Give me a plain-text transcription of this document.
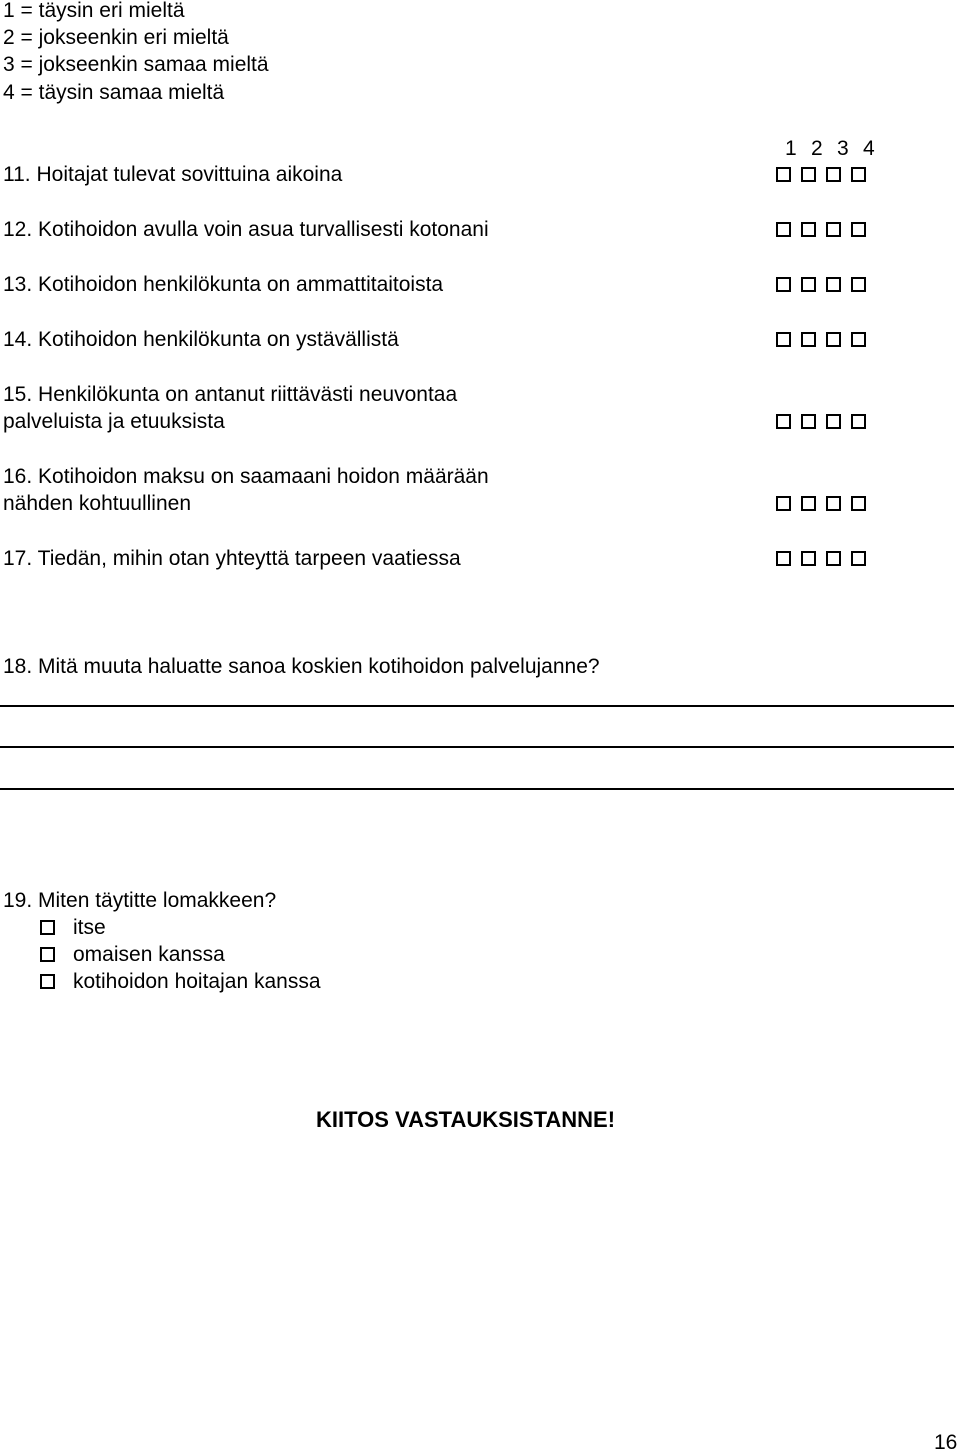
1 = täysin eri mieltä
2 = jokseenkin eri mieltä
3 = jokseenkin samaa mieltä
4 = täysin samaa mieltä
1 2 3 4
11. Hoitajat tulevat sovittuina aikoina
12. Kotihoidon avulla voin asua turvallisesti kotonani
13. Kotihoidon henkilökunta on ammattitaitoista
14. Kotihoidon henkilökunta on ystävällistä
15. Henkilökunta on antanut riittävästi neuvontaa
palveluista ja etuuksista
16. Kotihoidon maksu on saamaani hoidon määrään
nähden kohtuullinen
17. Tiedän, mihin otan yhteyttä tarpeen vaatiessa
18. Mitä muuta haluatte sanoa koskien kotihoidon palvelujanne?
19. Miten täytitte lomakkeen?
itse
omaisen kanssa
kotihoidon hoitajan kanssa
KIITOS VASTAUKSISTANNE!
16
